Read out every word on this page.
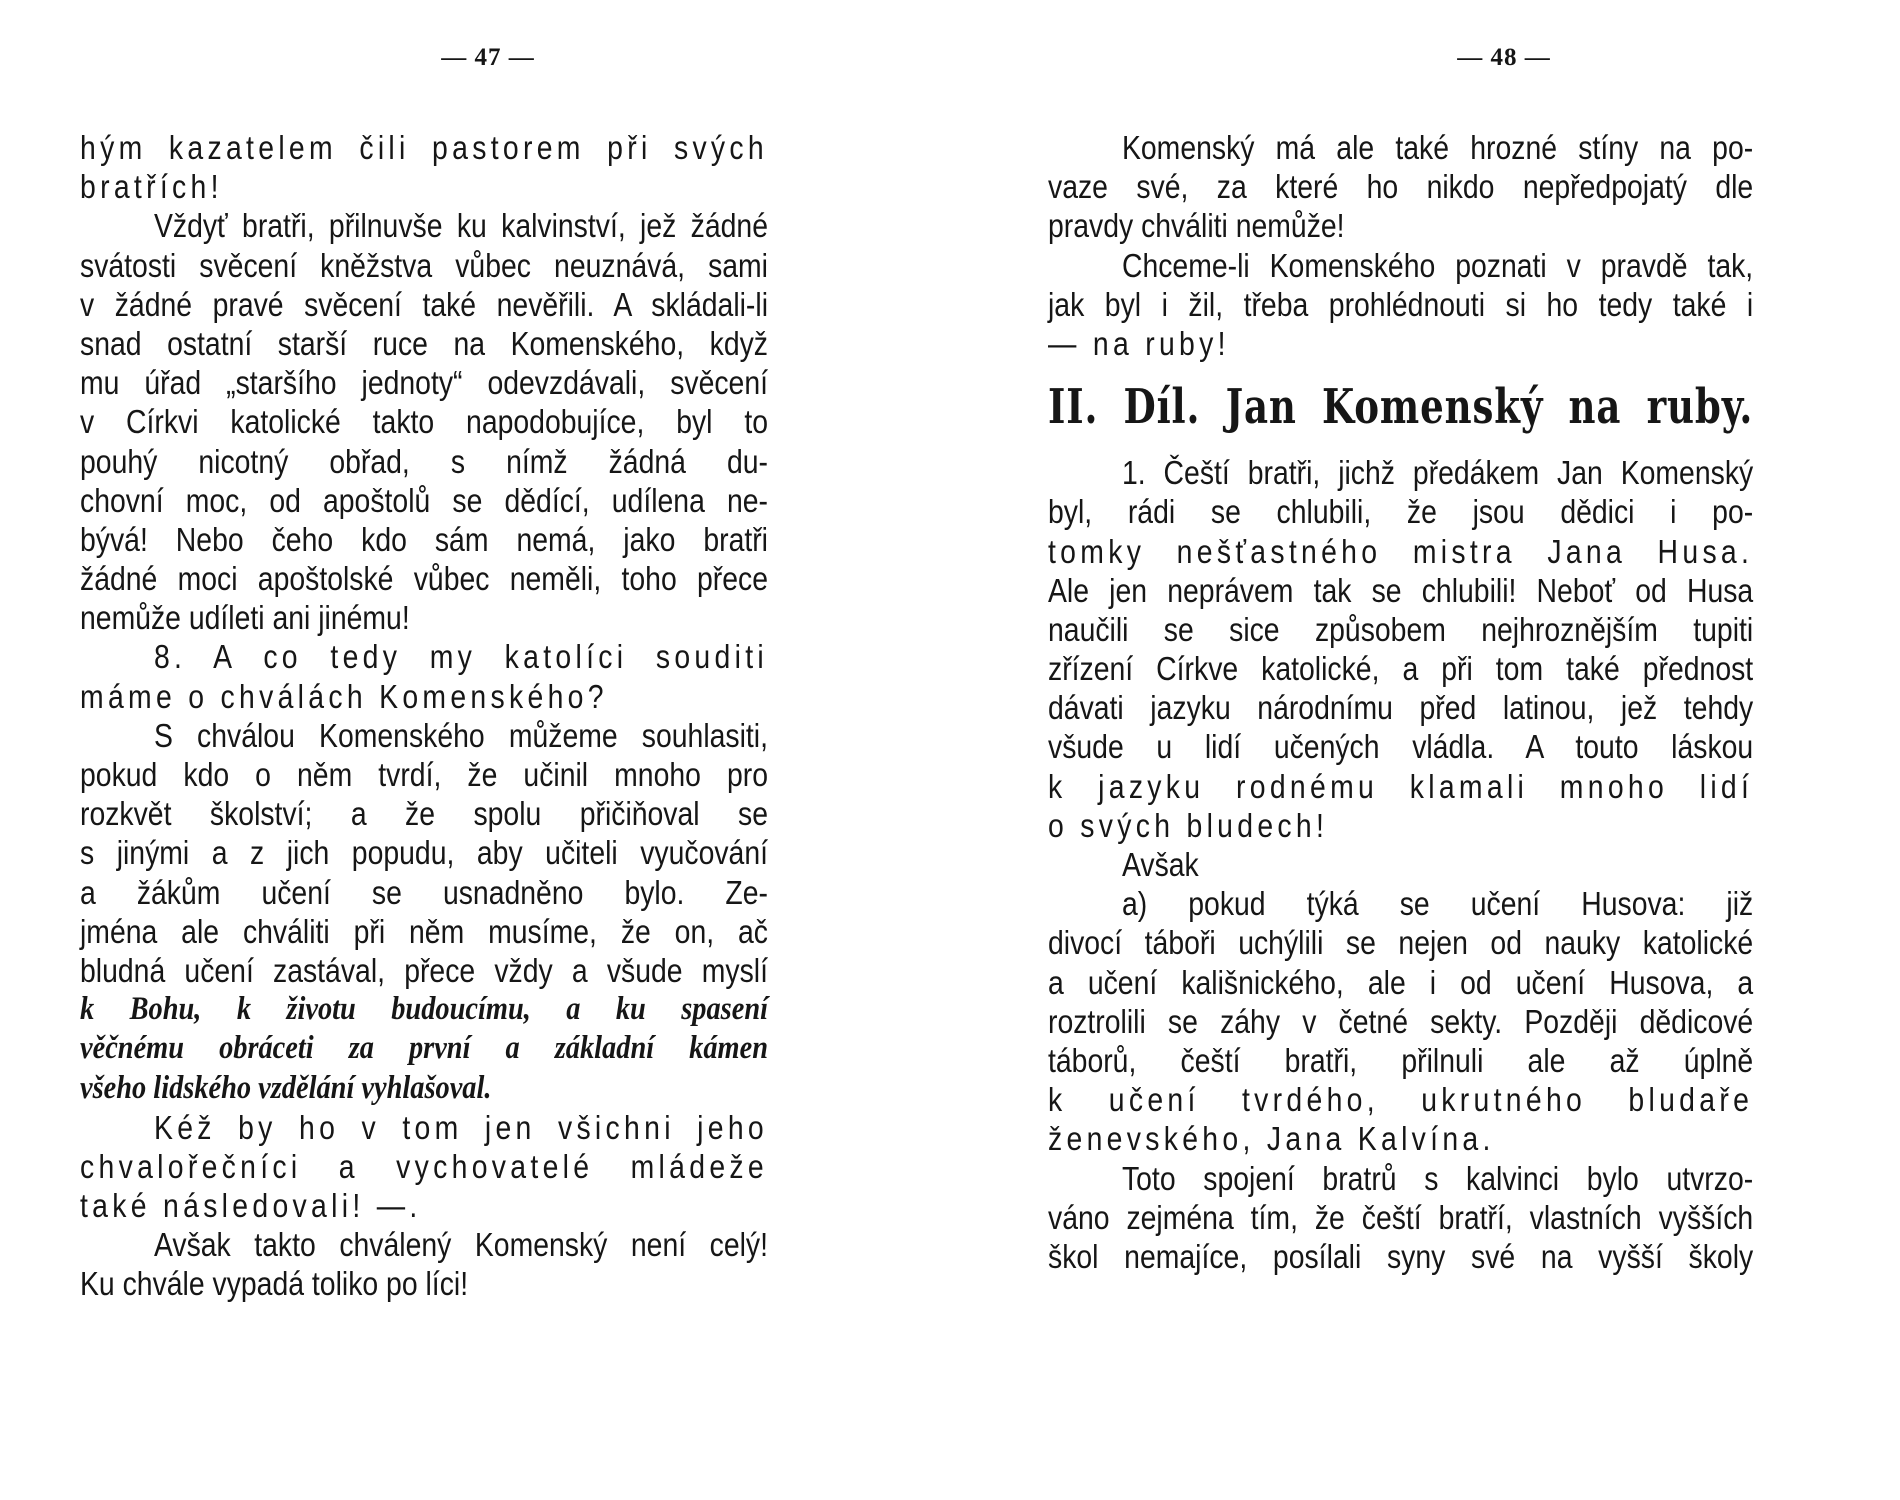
— 47 —
hým kazatelem čili pastorem při svých
bratřích!
Vždyť bratři, přilnuvše ku kalvinství, jež žádné
svátosti svěcení kněžstva vůbec neuznává, sami
v žádné pravé svěcení také nevěřili. A skládali-li
snad ostatní starší ruce na Komenského, když
mu úřad „staršího jednoty“ odevzdávali, svěcení
v Církvi katolické takto napodobujíce, byl to
pouhý nicotný obřad, s nímž žádná du-
chovní moc, od apoštolů se dědící, udílena ne-
bývá! Nebo čeho kdo sám nemá, jako bratři
žádné moci apoštolské vůbec neměli, toho přece
nemůže udíleti ani jinému!
8. A co tedy my katolíci souditi
máme o chválách Komenského?
S chválou Komenského můžeme souhlasiti,
pokud kdo o něm tvrdí, že učinil mnoho pro
rozkvět školství; a že spolu přičiňoval se
s jinými a z jich popudu, aby učiteli vyučování
a žákům učení se usnadněno bylo. Ze-
jména ale chváliti při něm musíme, že on, ač
bludná učení zastával, přece vždy a všude myslí
k Bohu, k životu budoucímu, a ku spasení
věčnému obráceti za první a základní kámen
všeho lidského vzdělání vyhlašoval.
Kéž by ho v tom jen všichni jeho
chvalořečníci a vychovatelé mládeže
také následovali! —.
Avšak takto chválený Komenský není celý!
Ku chvále vypadá toliko po líci!
— 48 —
Komenský má ale také hrozné stíny na po-
vaze své, za které ho nikdo nepředpojatý dle
pravdy chváliti nemůže!
Chceme-li Komenského poznati v pravdě tak,
jak byl i žil, třeba prohlédnouti si ho tedy také i
— na ruby!
II. Díl. Jan Komenský na ruby.
1. Čeští bratři, jichž předákem Jan Komenský
byl, rádi se chlubili, že jsou dědici i po-
tomky nešťastného mistra Jana Husa.
Ale jen neprávem tak se chlubili! Neboť od Husa
naučili se sice způsobem nejhroznějším tupiti
zřízení Církve katolické, a při tom také přednost
dávati jazyku národnímu před latinou, jež tehdy
všude u lidí učených vládla. A touto láskou
k jazyku rodnému klamali mnoho lidí
o svých bludech!
Avšak
a) pokud týká se učení Husova: již
divocí táboři uchýlili se nejen od nauky katolické
a učení kališnického, ale i od učení Husova, a
roztrolili se záhy v četné sekty. Později dědicové
táborů, čeští bratři, přilnuli ale až úplně
k učení tvrdého, ukrutného bludaře
ženevského, Jana Kalvína.
Toto spojení bratrů s kalvinci bylo utvrzo-
váno zejména tím, že čeští bratří, vlastních vyšších
škol nemajíce, posílali syny své na vyšší školy
